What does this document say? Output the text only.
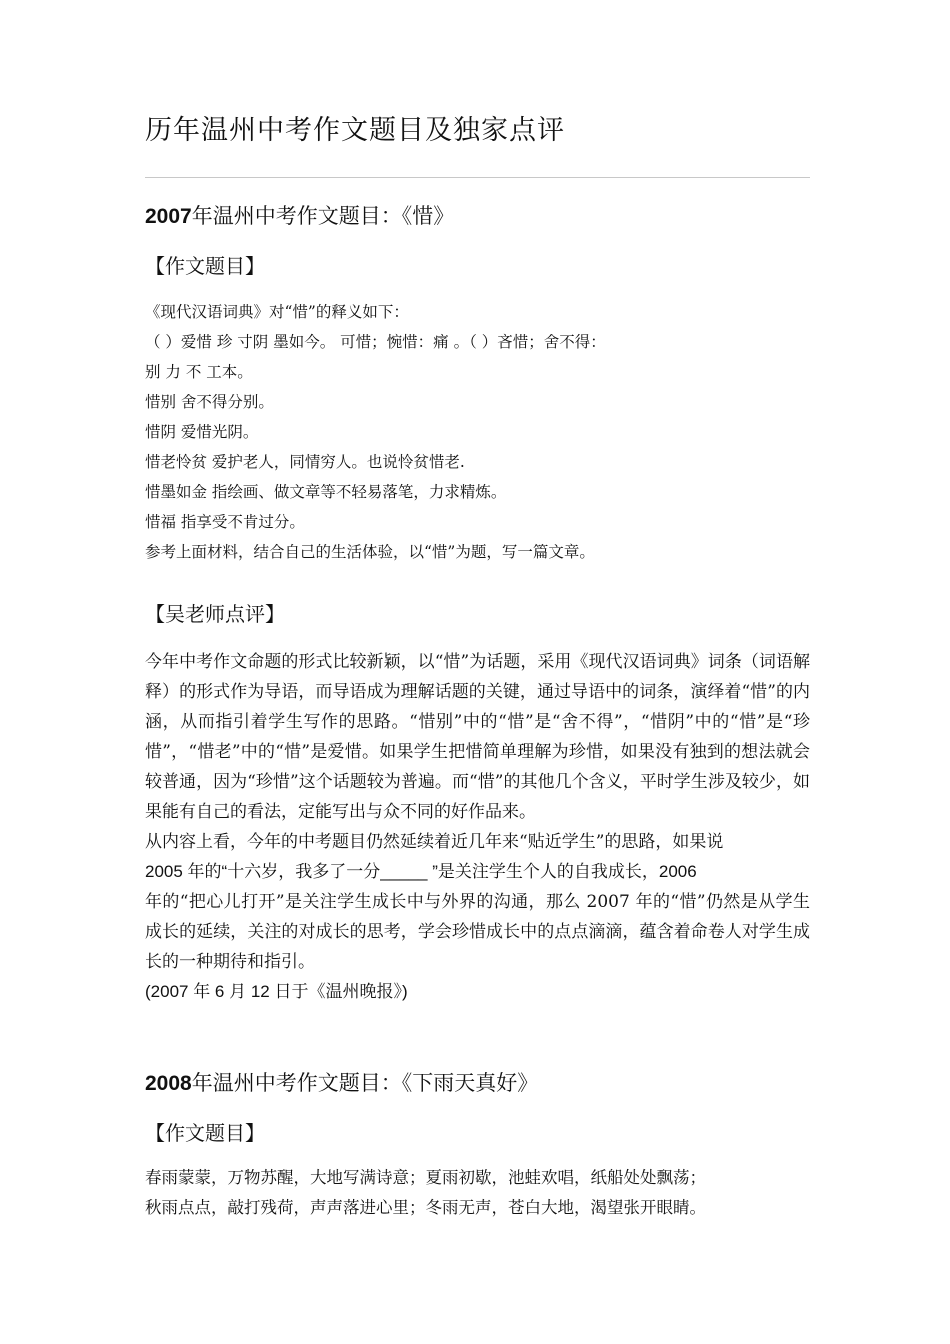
历年温州中考作文题目及独家点评
2007年温州中考作文题目：《惜》
【作文题目】
《现代汉语词典》对“惜”的释义如下：
（ ）爱惜 珍 寸阴 墨如今。 可惜；惋惜：痛 。（ ）吝惜；舍不得：
别 力 不 工本。
惜别 舍不得分别。
惜阴 爱惜光阴。
惜老怜贫 爱护老人，同情穷人。也说怜贫惜老.
惜墨如金 指绘画、做文章等不轻易落笔，力求精炼。
惜福 指享受不肯过分。
参考上面材料，结合自己的生活体验，以“惜”为题，写一篇文章。
【吴老师点评】

今年中考作文命题的形式比较新颖，以“惜”为话题，采用《现代汉语词典》词条（词语解释）的形式作为导语，而导语成为理解话题的关键，通过导语中的词条，演绎着“惜”的内涵，从而指引着学生写作的思路。“惜别”中的“惜”是“舍不得”，“惜阴”中的“惜”是“珍惜”，“惜老”中的“惜”是爱惜。如果学生把惜简单理解为珍惜，如果没有独到的想法就会较普通，因为“珍惜”这个话题较为普遍。而“惜”的其他几个含义，平时学生涉及较少，如果能有自己的看法，定能写出与众不同的好作品来。

从内容上看，今年的中考题目仍然延续着近几年来“贴近学生”的思路，如果说

2005 年的“十六岁，我多了一分_____ ”是关注学生个人的自我成长，2006

年的“把心儿打开”是关注学生成长中与外界的沟通，那么 2007 年的“惜”仍然是从学生成长的延续，关注的对成长的思考，学会珍惜成长中的点点滴滴，蕴含着命卷人对学生成长的一种期待和指引。

(2007 年 6 月 12 日于《温州晚报》)

2008年温州中考作文题目：《下雨天真好》
【作文题目】
春雨蒙蒙，万物苏醒，大地写满诗意；夏雨初歇，池蛙欢唱，纸船处处飘荡；
秋雨点点，敲打残荷，声声落进心里；冬雨无声，苍白大地，渴望张开眼睛。
